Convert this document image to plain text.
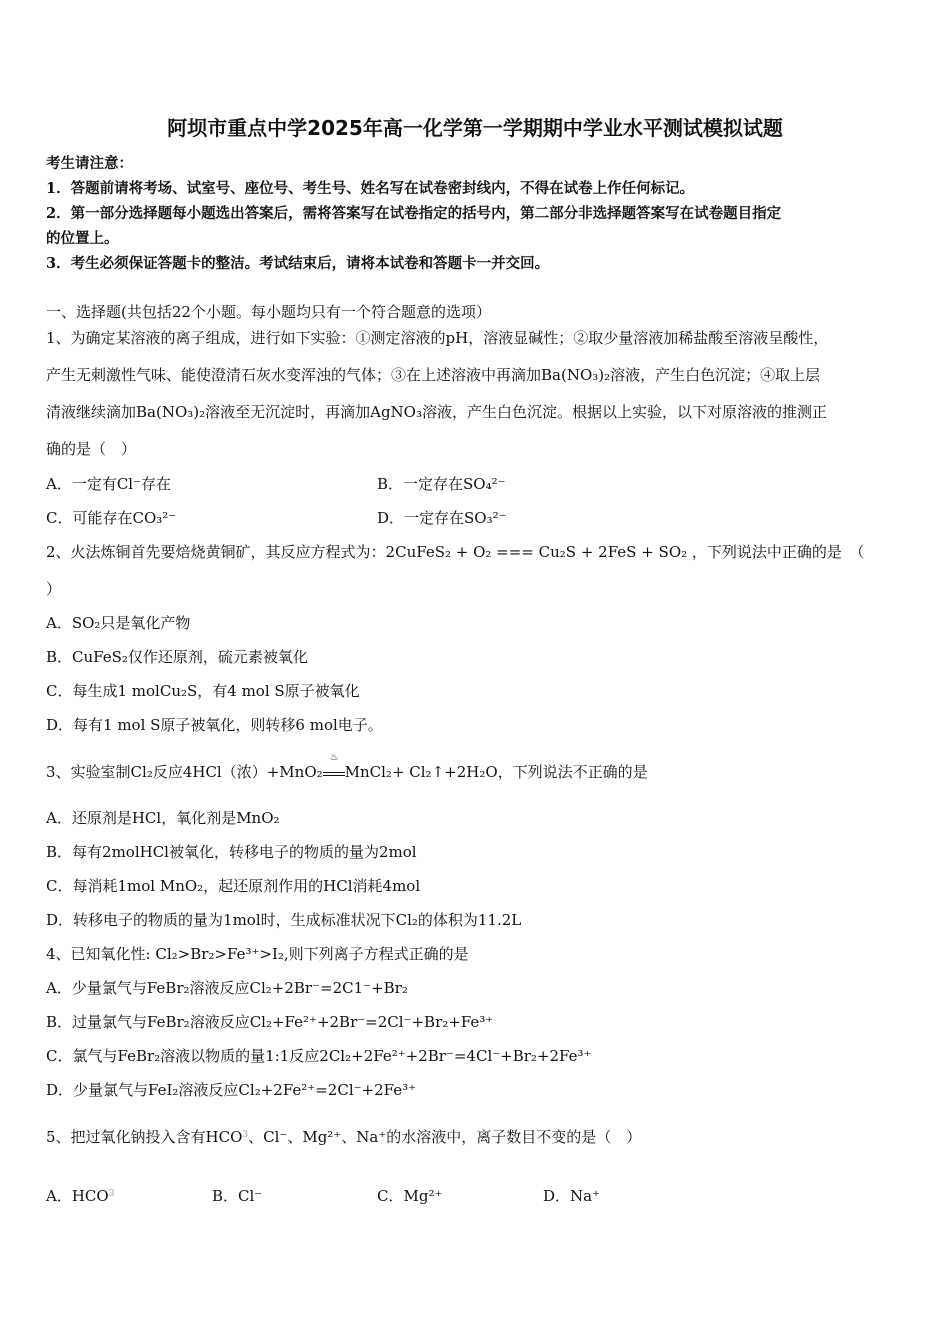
阿坝市重点中学2025年高一化学第一学期期中学业水平测试模拟试题
考生请注意：
1．答题前请将考场、试室号、座位号、考生号、姓名写在试卷密封线内，不得在试卷上作任何标记。
2．第一部分选择题每小题选出答案后，需将答案写在试卷指定的括号内，第二部分非选择题答案写在试卷题目指定
的位置上。
3．考生必须保证答题卡的整洁。考试结束后，请将本试卷和答题卡一并交回。
一、选择题(共包括22个小题。每小题均只有一个符合题意的选项）
1、为确定某溶液的离子组成，进行如下实验：①测定溶液的pH，溶液显碱性；②取少量溶液加稀盐酸至溶液呈酸性，
产生无刺激性气味、能使澄清石灰水变浑浊的气体；③在上述溶液中再滴加Ba(NO₃)₂溶液，产生白色沉淀；④取上层
清液继续滴加Ba(NO₃)₂溶液至无沉淀时，再滴加AgNO₃溶液，产生白色沉淀。根据以上实验，以下对原溶液的推测正
确的是（　）
A．一定有Cl⁻存在	B．一定存在SO₄²⁻
C．可能存在CO₃²⁻	D．一定存在SO₃²⁻
2、火法炼铜首先要焙烧黄铜矿，其反应方程式为：2CuFeS₂ + O₂ === Cu₂S + 2FeS + SO₂ ，下列说法中正确的是　（
）
A．SO₂只是氧化产物
B．CuFeS₂仅作还原剂，硫元素被氧化
C．每生成1 molCu₂S，有4 mol S原子被氧化
D．每有1 mol S原子被氧化，则转移6 mol电子。
3、实验室制Cl₂反应4HCl（浓）+MnO₂
♨
MnCl₂+ Cl₂↑+2H₂O，下列说法不正确的是
A．还原剂是HCl，氧化剂是MnO₂
B．每有2molHCl被氧化，转移电子的物质的量为2mol
C．每消耗1mol MnO₂，起还原剂作用的HCl消耗4mol
D．转移电子的物质的量为1mol时，生成标准状况下Cl₂的体积为11.2L
4、已知氧化性: Cl₂>Br₂>Fe³⁺>I₂,则下列离子方程式正确的是
A．少量氯气与FeBr₂溶液反应Cl₂+2Br⁻=2C1⁻+Br₂
B．过量氯气与FeBr₂溶液反应Cl₂+Fe²⁺+2Br⁻=2Cl⁻+Br₂+Fe³⁺
C．氯气与FeBr₂溶液以物质的量1:1反应2Cl₂+2Fe²⁺+2Br⁻=4Cl⁻+Br₂+2Fe³⁺
D．少量氯气与FeI₂溶液反应Cl₂+2Fe²⁺=2Cl⁻+2Fe³⁺
5、把过氧化钠投入含有HCO$^3$、Cl⁻、Mg²⁺、Na⁺的水溶液中，离子数目不变的是（　）
A．HCO$^3$	B．Cl⁻	C．Mg²⁺	D．Na⁺
